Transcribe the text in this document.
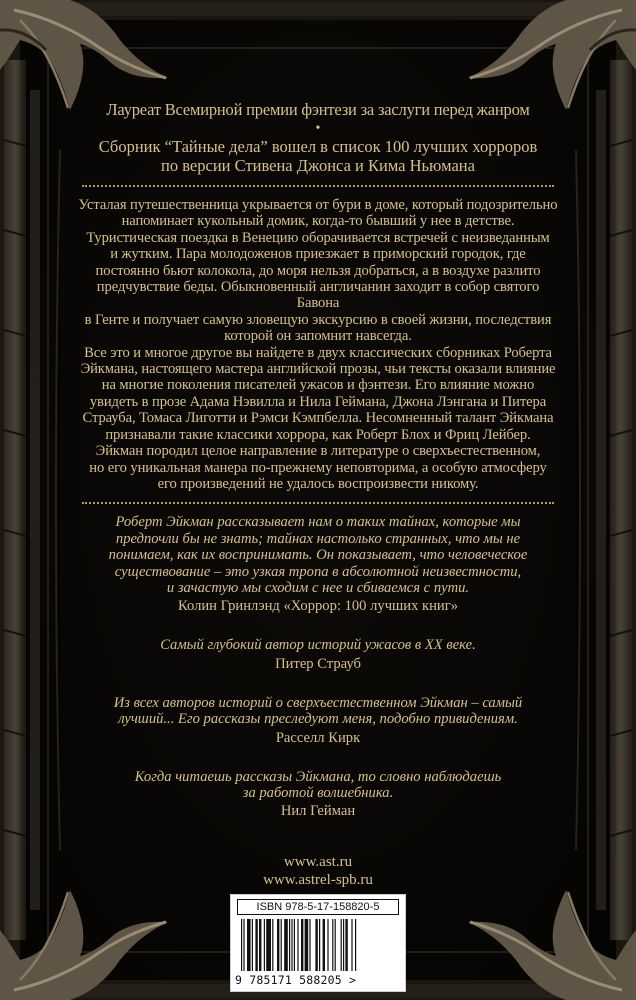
Лауреат Всемирной премии фэнтези за заслуги перед жанром
•
Сборник “Тайные дела” вошел в список 100 лучших хорроров
по версии Стивена Джонса и Кима Ньюмана

Усталая путешественница укрывается от бури в доме, который подозрительно

напоминает кукольный домик, когда-то бывший у нее в детстве.

Туристическая поездка в Венецию оборачивается встречей с неизведанным

и жутким. Пара молодоженов приезжает в приморский городок, где

постоянно бьют колокола, до моря нельзя добраться, а в воздухе разлито

предчувствие беды. Обыкновенный англичанин заходит в собор святого Бавона

в Генте и получает самую зловещую экскурсию в своей жизни, последствия

которой он запомнит навсегда.

Все это и многое другое вы найдете в двух классических сборниках Роберта

Эйкмана, настоящего мастера английской прозы, чьи тексты оказали влияние

на многие поколения писателей ужасов и фэнтези. Его влияние можно

увидеть в прозе Адама Нэвилла и Нила Геймана, Джона Лэнгана и Питера

Страуба, Томаса Лиготти и Рэмси Кэмпбелла. Несомненный талант Эйкмана

признавали такие классики хоррора, как Роберт Блох и Фриц Лейбер.

Эйкман породил целое направление в литературе о сверхъестественном,

но его уникальная манера по-прежнему неповторима, а особую атмосферу

его произведений не удалось воспроизвести никому.

Роберт Эйкман рассказывает нам о таких тайнах, которые мы

предпочли бы не знать; тайнах настолько странных, что мы не

понимаем, как их воспринимать. Он показывает, что человеческое

существование – это узкая тропа в абсолютной неизвестности,

и зачастую мы сходим с нее и сбиваемся с пути.

Колин Гринлэнд «Хоррор: 100 лучших книг»

Самый глубокий автор историй ужасов в XX веке.

Питер Страуб

Из всех авторов историй о сверхъестественном Эйкман – самый

лучший... Его рассказы преследуют меня, подобно привидениям.

Расселл Кирк

Когда читаешь рассказы Эйкмана, то словно наблюдаешь

за работой волшебника.

Нил Гейман

www.ast.ru
www.astrel-spb.ru
ISBN 978-5-17-158820-5
9 785171 588205 >
